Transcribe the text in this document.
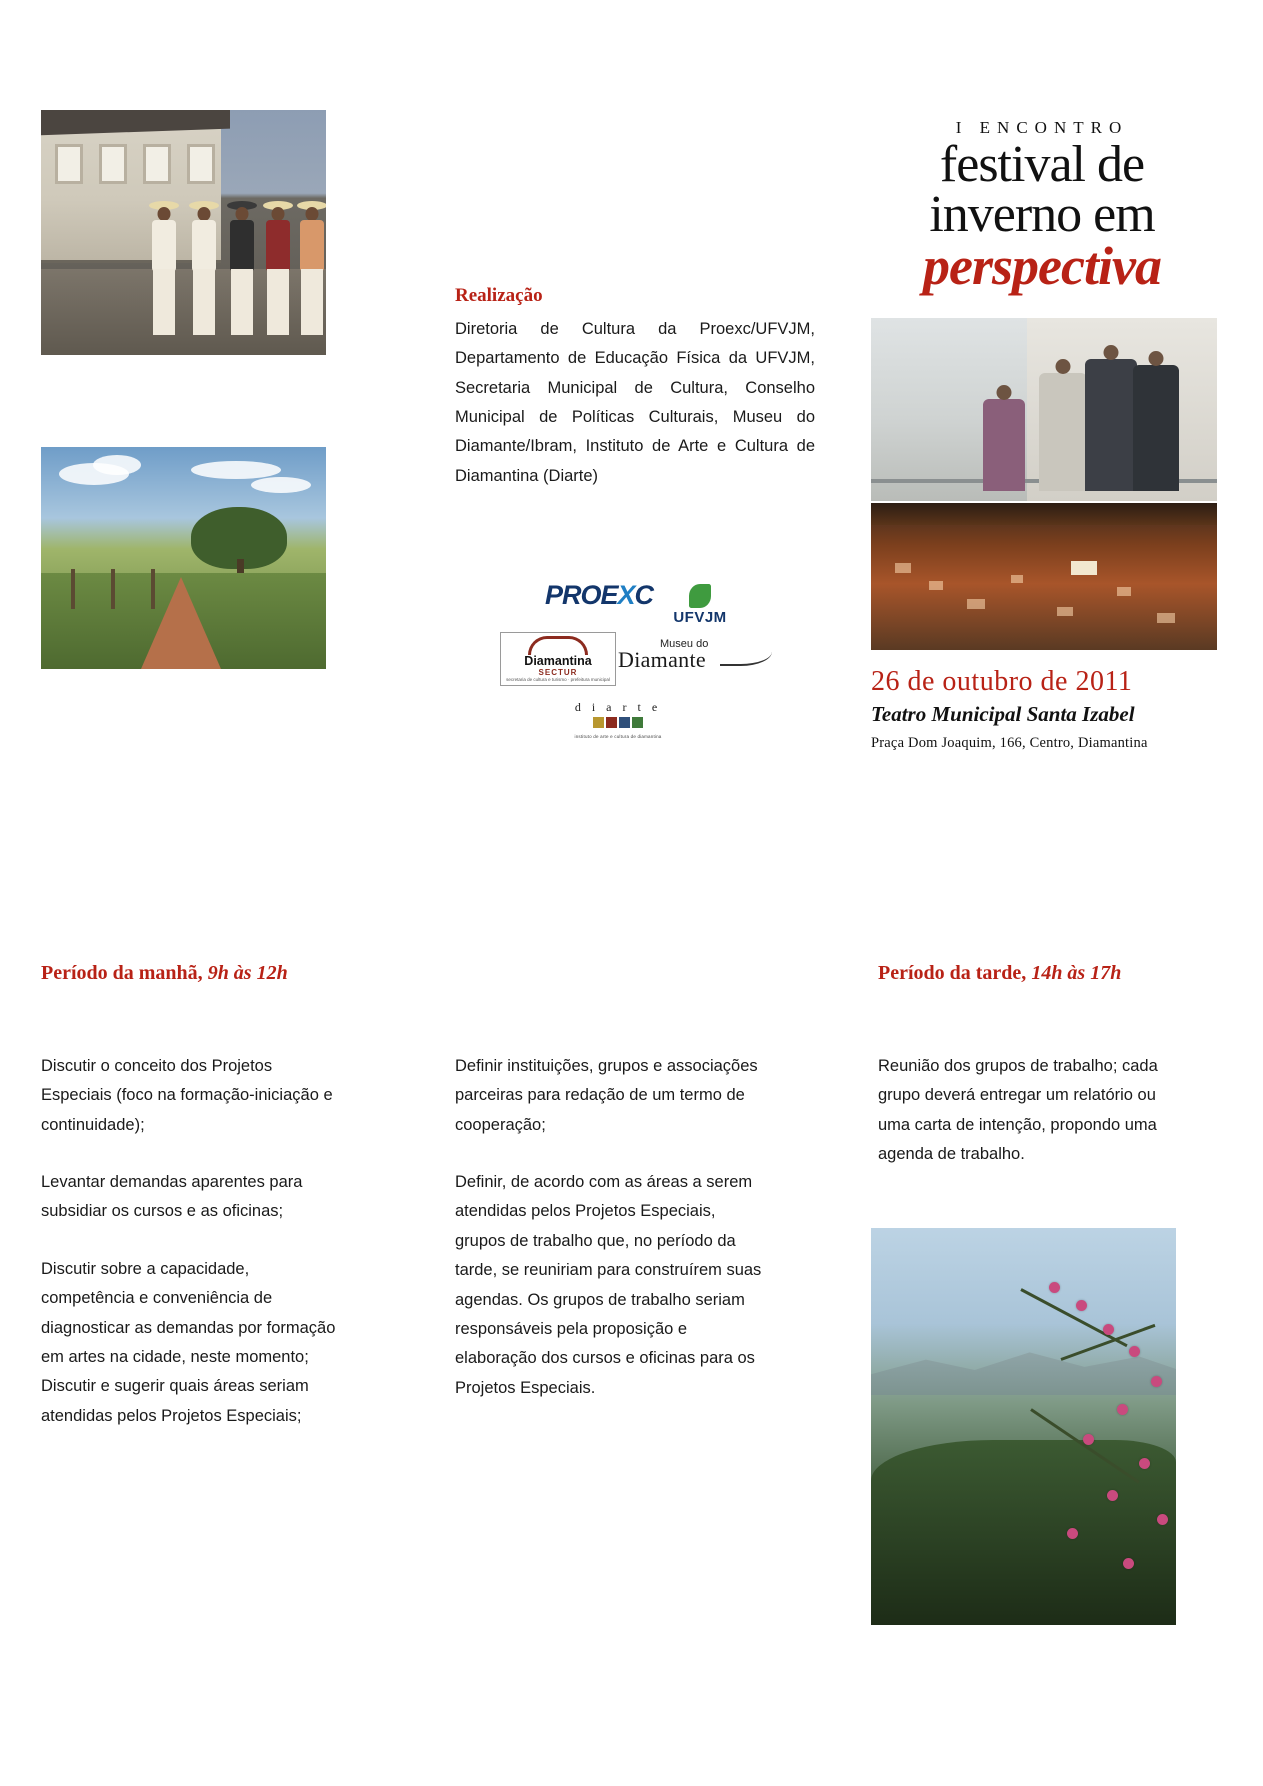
I ENCONTRO
festival de
inverno em
perspectiva
26 de outubro de 2011
Teatro Municipal Santa Izabel
Praça Dom Joaquim, 166, Centro, Diamantina
Realização

Diretoria de Cultura da Proexc/UFVJM, Departamento de Educação Física da UFVJM, Secretaria Municipal de Cultura, Conselho Municipal de Políticas Culturais, Museu do Diamante/Ibram, Instituto de Arte e Cultura de Diamantina (Diarte)

PROEXC
UFVJM
Diamantina
SECTUR
secretaria de cultura e turismo · prefeitura municipal
Museu do
Diamante
d i a r t e
instituto de arte e cultura de diamantina
Período da manhã, 9h às 12h	Período da tarde, 14h às 17h

Discutir o conceito dos Projetos Especiais (foco na formação-iniciação e continuidade);

Levantar demandas aparentes para subsidiar os cursos e as oficinas;

Discutir sobre a capacidade, competência e conveniência de diagnosticar as demandas por formação em artes na cidade, neste momento; Discutir e sugerir quais áreas seriam atendidas pelos Projetos Especiais;

Definir instituições, grupos e associações parceiras para redação de um termo de cooperação;

Definir, de acordo com as áreas a serem atendidas pelos Projetos Especiais, grupos de trabalho que, no período da tarde, se reuniriam para construírem suas agendas. Os grupos de trabalho seriam responsáveis pela proposição e elaboração dos cursos e oficinas para os Projetos Especiais.

Reunião dos grupos de trabalho; cada grupo deverá entregar um relatório ou uma carta de intenção, propondo uma agenda de trabalho.
